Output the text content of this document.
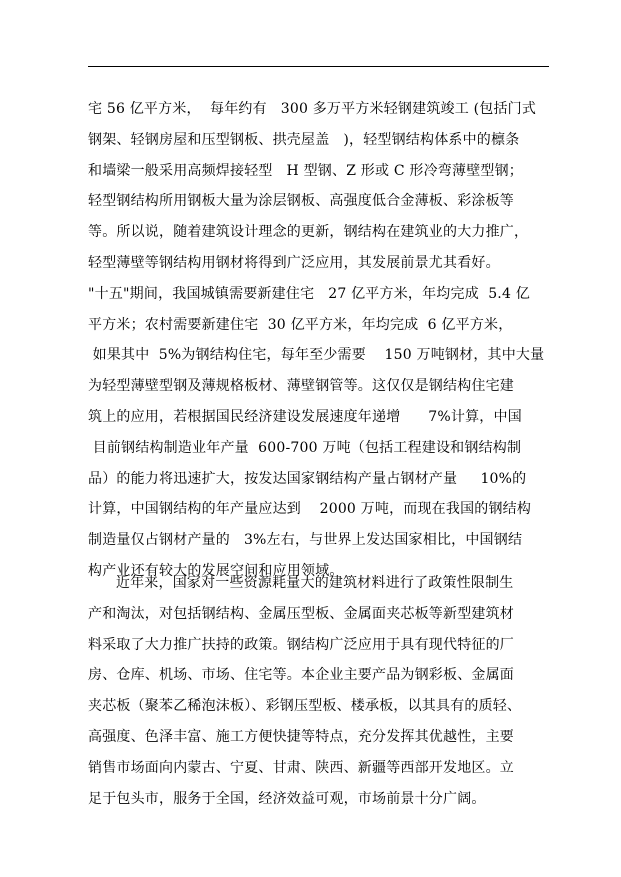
宅 56 亿平方米，  每年约有   300 多万平方米轻钢建筑竣工 (包括门式
钢架、轻钢房屋和压型钢板、拱壳屋盖   )，轻型钢结构体系中的檩条
和墙梁一般采用高频焊接轻型   H 型钢、Z 形或 C 形冷弯薄壁型钢；
轻型钢结构所用钢板大量为涂层钢板、高强度低合金薄板、彩涂板等
等。所以说，随着建筑设计理念的更新，钢结构在建筑业的大力推广，
轻型薄壁等钢结构用钢材将得到广泛应用，其发展前景尤其看好。
"十五"期间，我国城镇需要新建住宅   27 亿平方米，年均完成  5.4 亿
平方米；农村需要新建住宅  30 亿平方米，年均完成  6 亿平方米，
如果其中  5%为钢结构住宅，每年至少需要    150 万吨钢材，其中大量
为轻型薄壁型钢及薄规格板材、薄壁钢管等。这仅仅是钢结构住宅建
筑上的应用，若根据国民经济建设发展速度年递增      7%计算，中国
目前钢结构制造业年产量  600-700 万吨（包括工程建设和钢结构制
品）的能力将迅速扩大，按发达国家钢结构产量占钢材产量     10%的
计算，中国钢结构的年产量应达到    2000 万吨，而现在我国的钢结构
制造量仅占钢材产量的   3%左右，与世界上发达国家相比，中国钢结
构产业还有较大的发展空间和应用领域。
近年来，国家对一些资源耗量大的建筑材料进行了政策性限制生
产和淘汰，对包括钢结构、金属压型板、金属面夹芯板等新型建筑材
料采取了大力推广扶持的政策。钢结构广泛应用于具有现代特征的厂
房、仓库、机场、市场、住宅等。本企业主要产品为钢彩板、金属面
夹芯板（聚苯乙稀泡沫板）、彩钢压型板、楼承板，以其具有的质轻、
高强度、色泽丰富、施工方便快捷等特点，充分发挥其优越性，主要
销售市场面向内蒙古、宁夏、甘肃、陕西、新疆等西部开发地区。立
足于包头市，服务于全国，经济效益可观，市场前景十分广阔。
